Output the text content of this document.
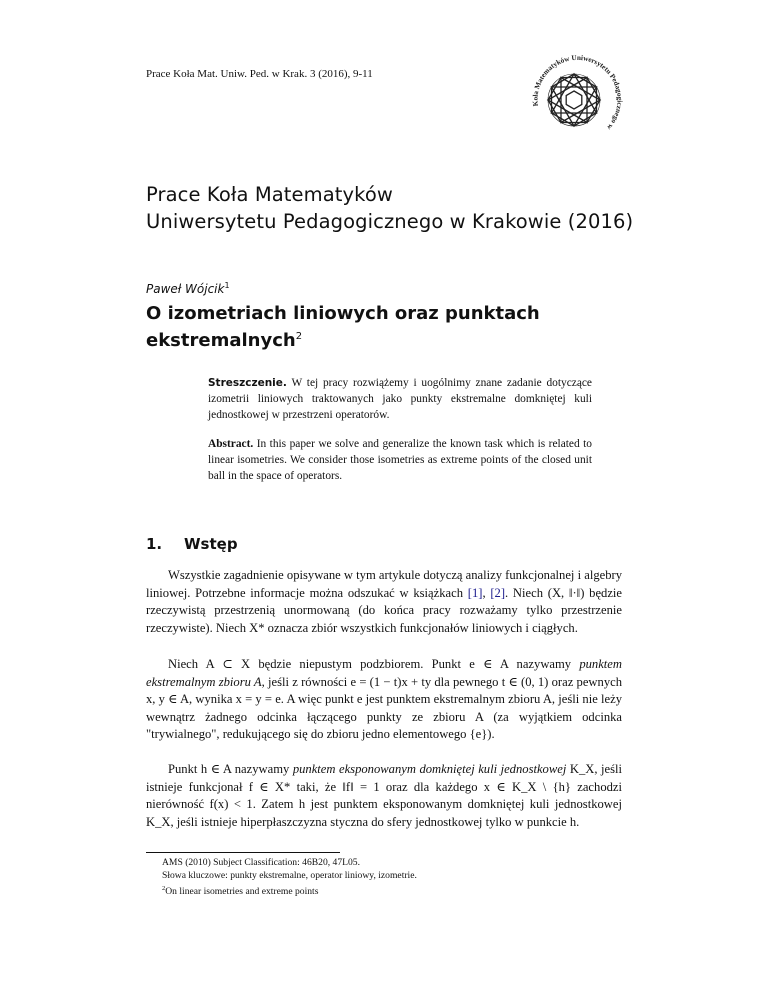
Prace Koła Mat. Uniw. Ped. w Krak. 3 (2016), 9-11
Koła Matematyków Uniwersytetu Pedagogicznego w
Prace Koła Matematyków
Uniwersytetu Pedagogicznego w Krakowie (2016)
Paweł Wójcik$^1$
O izometriach liniowych oraz punktach
ekstremalnych$^2$
Streszczenie. W tej pracy rozwiążemy i uogólnimy znane zadanie dotyczące izometrii liniowych traktowanych jako punkty ekstremalne domkniętej kuli jednostkowej w przestrzeni operatorów.
Abstract. In this paper we solve and generalize the known task which is related to linear isometries. We consider those isometries as extreme points of the closed unit ball in the space of operators.
1. Wstęp
Wszystkie zagadnienie opisywane w tym artykule dotyczą analizy funkcjonalnej i algebry liniowej. Potrzebne informacje można odszukać w książkach [1], [2]. Niech (X, ‖·‖) będzie rzeczywistą przestrzenią unormowaną (do końca pracy rozważamy tylko przestrzenie rzeczywiste). Niech X* oznacza zbiór wszystkich funkcjonałów liniowych i ciągłych.
Niech A ⊂ X będzie niepustym podzbiorem. Punkt e ∈ A nazywamy punktem ekstremalnym zbioru A, jeśli z równości e = (1 − t)x + ty dla pewnego t ∈ (0, 1) oraz pewnych x, y ∈ A, wynika x = y = e. A więc punkt e jest punktem ekstremalnym zbioru A, jeśli nie leży wewnątrz żadnego odcinka łączącego punkty ze zbioru A (za wyjątkiem odcinka "trywialnego", redukującego się do zbioru jedno elementowego {e}).
Punkt h ∈ A nazywamy punktem eksponowanym domkniętej kuli jednostkowej K_X, jeśli istnieje funkcjonał f ∈ X* taki, że ‖f‖ = 1 oraz dla każdego x ∈ K_X \ {h} zachodzi nierówność f(x) < 1. Zatem h jest punktem eksponowanym domkniętej kuli jednostkowej K_X, jeśli istnieje hiperpłaszczyzna styczna do sfery jednostkowej tylko w punkcie h.
AMS (2010) Subject Classification: 46B20, 47L05.
Słowa kluczowe: punkty ekstremalne, operator liniowy, izometrie.
$^2$On linear isometries and extreme points
